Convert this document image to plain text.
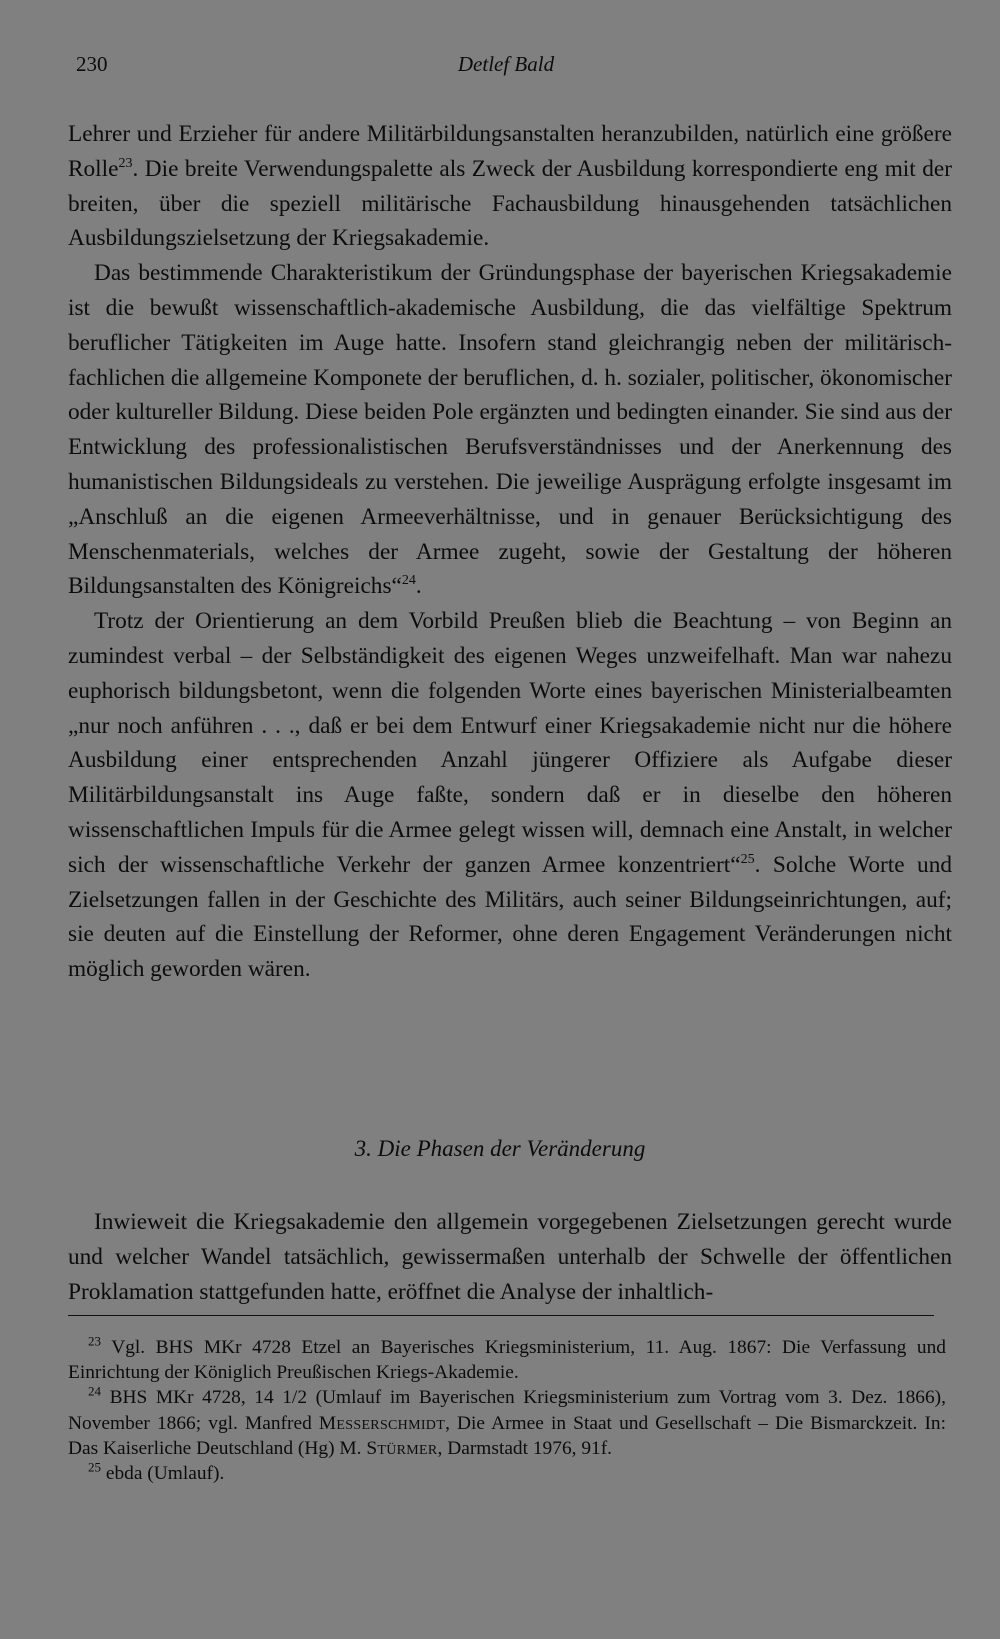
230	Detlef Bald

Lehrer und Erzieher für andere Militärbildungsanstalten heranzubilden, natürlich eine größere Rolle$^{23}$. Die breite Verwendungspalette als Zweck der Ausbildung korrespondierte eng mit der breiten, über die speziell militärische Fachausbildung hinausgehenden tatsächlichen Ausbildungszielsetzung der Kriegsakademie.

Das bestimmende Charakteristikum der Gründungsphase der bayerischen Kriegsakademie ist die bewußt wissenschaftlich-akademische Ausbildung, die das vielfältige Spektrum beruflicher Tätigkeiten im Auge hatte. Insofern stand gleichrangig neben der militärisch-fachlichen die allgemeine Komponete der beruflichen, d. h. sozialer, politischer, ökonomischer oder kultureller Bildung. Diese beiden Pole ergänzten und bedingten einander. Sie sind aus der Entwicklung des professionalistischen Berufsverständnisses und der Anerkennung des humanistischen Bildungsideals zu verstehen. Die jeweilige Ausprägung erfolgte insgesamt im „Anschluß an die eigenen Armeeverhältnisse, und in genauer Berücksichtigung des Menschenmaterials, welches der Armee zugeht, sowie der Gestaltung der höheren Bildungsanstalten des Königreichs“$^{24}$.

Trotz der Orientierung an dem Vorbild Preußen blieb die Beachtung – von Beginn an zumindest verbal – der Selbständigkeit des eigenen Weges unzweifelhaft. Man war nahezu euphorisch bildungsbetont, wenn die folgenden Worte eines bayerischen Ministerialbeamten „nur noch anführen . . ., daß er bei dem Entwurf einer Kriegsakademie nicht nur die höhere Ausbildung einer entsprechenden Anzahl jüngerer Offiziere als Aufgabe dieser Militärbildungsanstalt ins Auge faßte, sondern daß er in dieselbe den höheren wissenschaftlichen Impuls für die Armee gelegt wissen will, demnach eine Anstalt, in welcher sich der wissenschaftliche Verkehr der ganzen Armee konzentriert“$^{25}$. Solche Worte und Zielsetzungen fallen in der Geschichte des Militärs, auch seiner Bildungseinrichtungen, auf; sie deuten auf die Einstellung der Reformer, ohne deren Engagement Veränderungen nicht möglich geworden wären.

3. Die Phasen der Veränderung

Inwieweit die Kriegsakademie den allgemein vorgegebenen Zielsetzungen gerecht wurde und welcher Wandel tatsächlich, gewissermaßen unterhalb der Schwelle der öffentlichen Proklamation stattgefunden hatte, eröffnet die Analyse der inhaltlich-

$^{23}$ Vgl. BHS MKr 4728 Etzel an Bayerisches Kriegsministerium, 11. Aug. 1867: Die Verfassung und Einrichtung der Königlich Preußischen Kriegs-Akademie.

$^{24}$ BHS MKr 4728, 14 1/2 (Umlauf im Bayerischen Kriegsministerium zum Vortrag vom 3. Dez. 1866), November 1866; vgl. Manfred Messerschmidt, Die Armee in Staat und Gesellschaft – Die Bismarckzeit. In: Das Kaiserliche Deutschland (Hg) M. Stürmer, Darmstadt 1976, 91f.

$^{25}$ ebda (Umlauf).
